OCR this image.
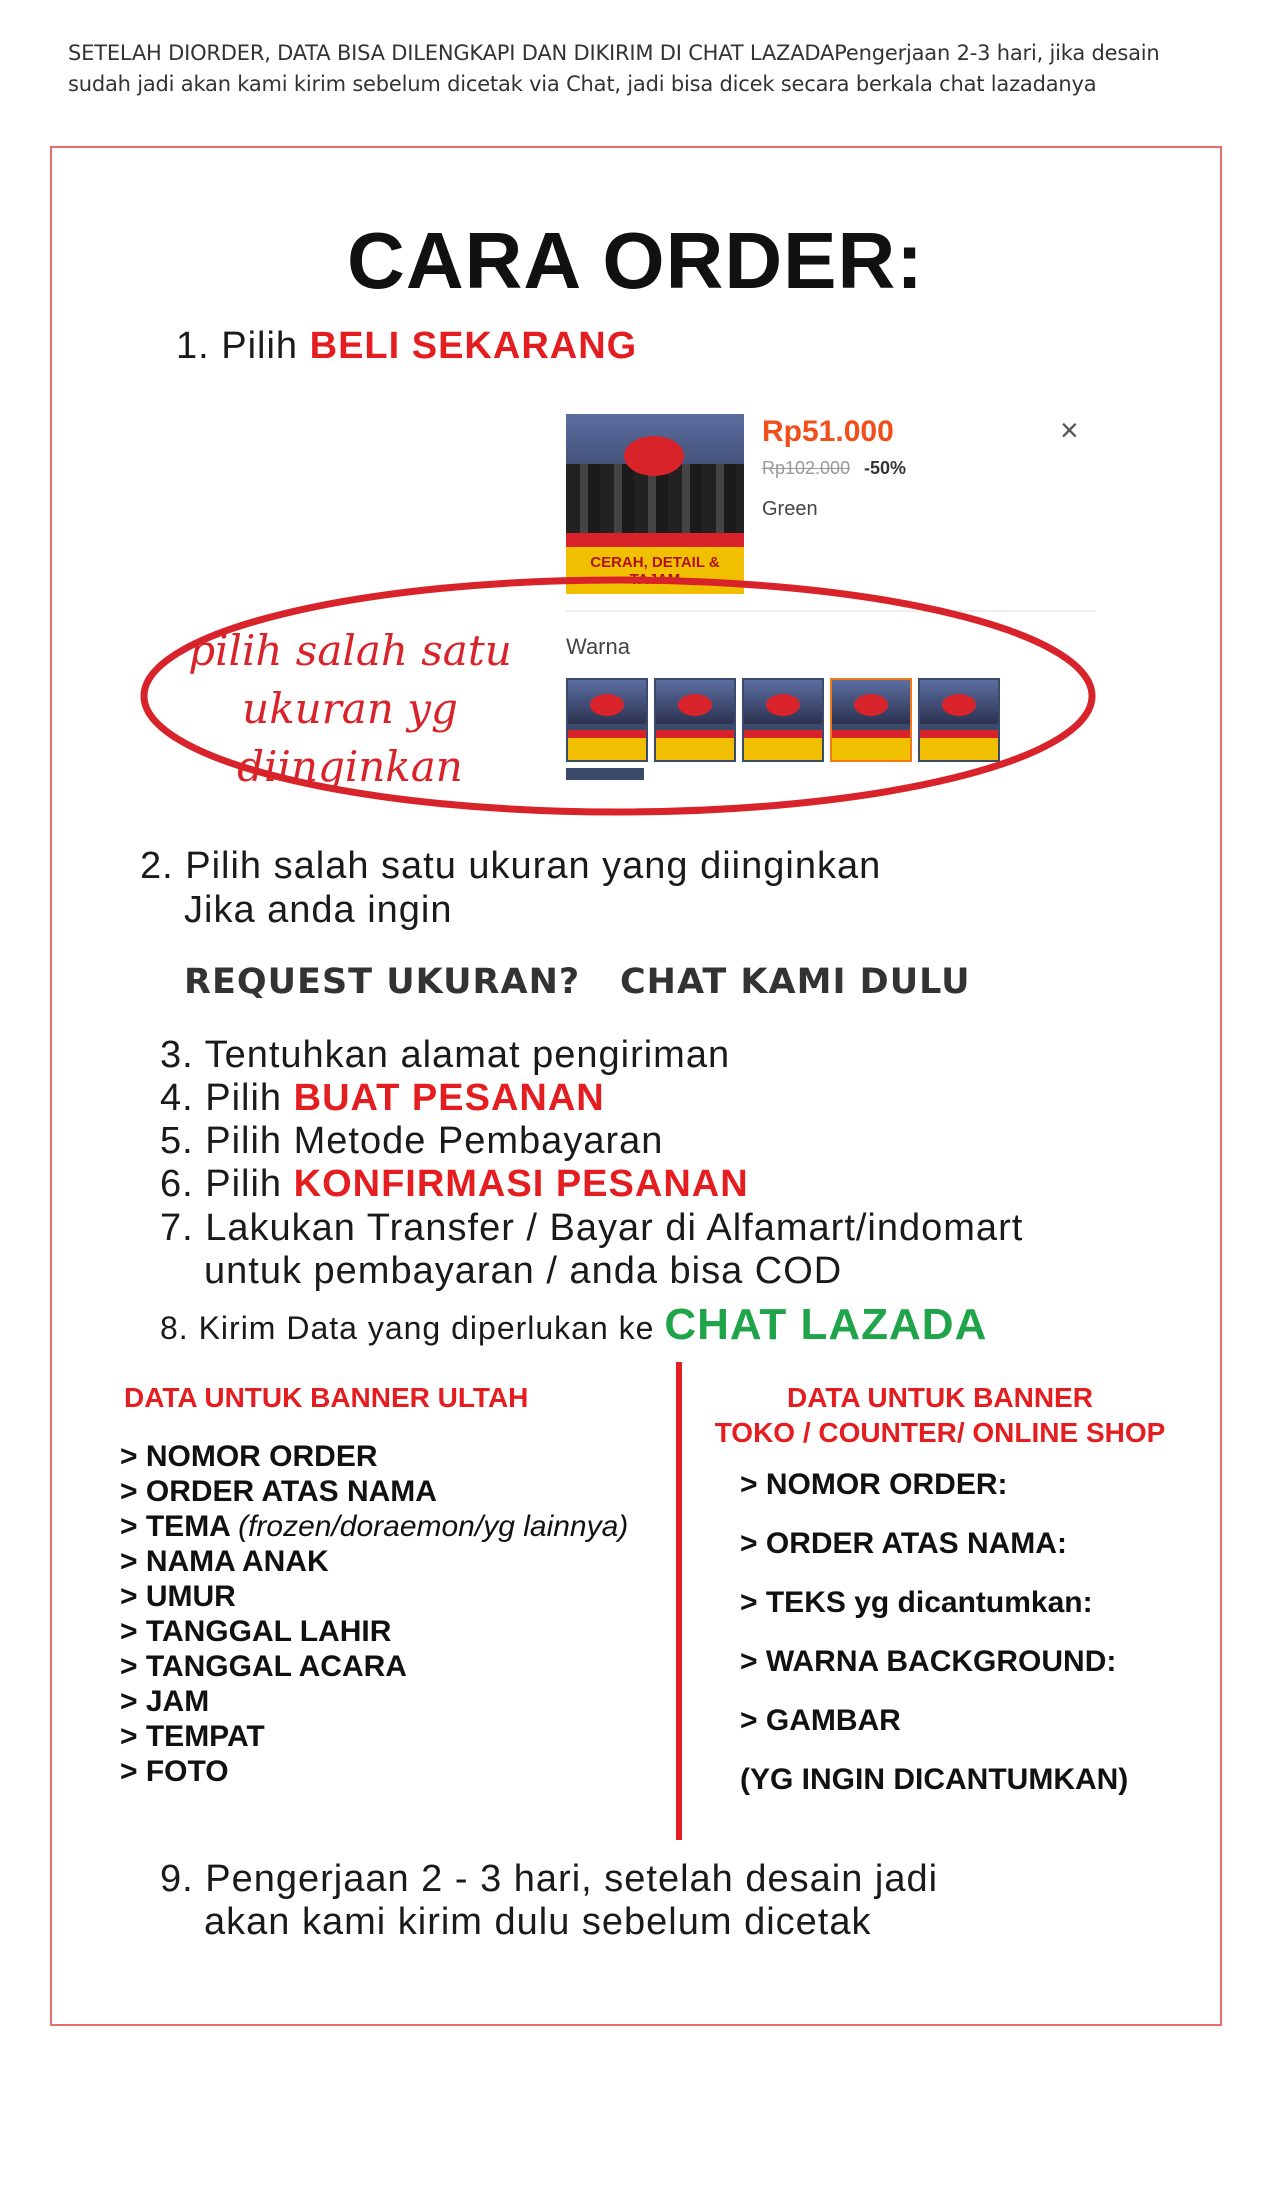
SETELAH DIORDER, DATA BISA DILENGKAPI DAN DIKIRIM DI CHAT LAZADAPengerjaan 2-3 hari, jika desain sudah jadi akan kami kirim sebelum dicetak via Chat, jadi bisa dicek secara berkala chat lazadanya
CARA ORDER:
1. Pilih BELI SEKARANG
CERAH, DETAIL & TAJAM
Rp51.000
Rp102.000 -50%
Green
×
Warna
pilih salah satu ukuran yg diinginkan
2. Pilih salah satu ukuran yang diinginkan
Jika anda ingin
REQUEST UKURAN? CHAT KAMI DULU
3. Tentuhkan alamat pengiriman
4. Pilih BUAT PESANAN
5. Pilih Metode Pembayaran
6. Pilih KONFIRMASI PESANAN
7. Lakukan Transfer / Bayar di Alfamart/indomart
untuk pembayaran / anda bisa COD
8. Kirim Data yang diperlukan ke CHAT LAZADA
DATA UNTUK BANNER ULTAH
> NOMOR ORDER
> ORDER ATAS NAMA
> TEMA (frozen/doraemon/yg lainnya)
> NAMA ANAK
> UMUR
> TANGGAL LAHIR
> TANGGAL ACARA
> JAM
> TEMPAT
> FOTO
DATA UNTUK BANNER
TOKO / COUNTER/ ONLINE SHOP
> NOMOR ORDER:
> ORDER ATAS NAMA:
> TEKS yg dicantumkan:
> WARNA BACKGROUND:
> GAMBAR
(YG INGIN DICANTUMKAN)
9. Pengerjaan 2 - 3 hari, setelah desain jadi
akan kami kirim dulu sebelum dicetak
